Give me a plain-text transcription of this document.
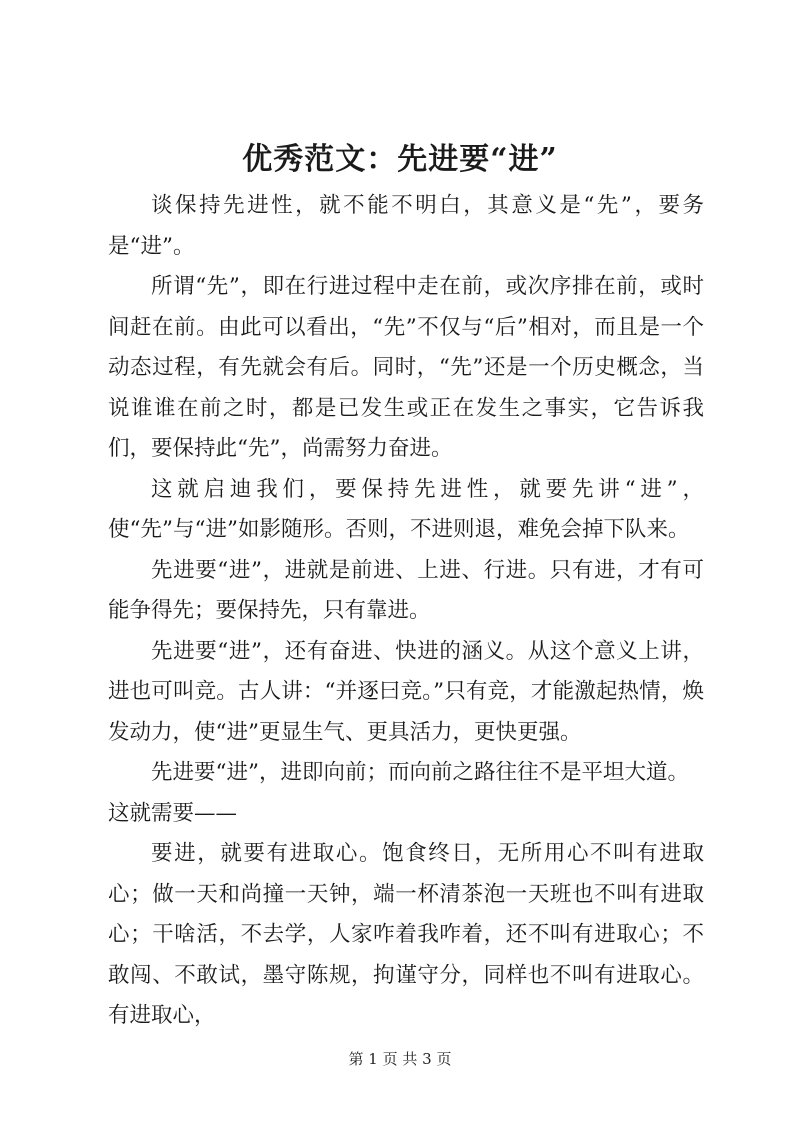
优秀范文：先进要“进”

谈保持先进性，就不能不明白，其意义是“先”，要务是“进”。

所谓“先”，即在行进过程中走在前，或次序排在前，或时间赶在前。由此可以看出，“先”不仅与“后”相对，而且是一个动态过程，有先就会有后。同时，“先”还是一个历史概念，当说谁谁在前之时，都是已发生或正在发生之事实，它告诉我们，要保持此“先”，尚需努力奋进。

这就启迪我们，要保持先进性，就要先讲“进”，使“先”与“进”如影随形。否则，不进则退，难免会掉下队来。

先进要“进”，进就是前进、上进、行进。只有进，才有可能争得先；要保持先，只有靠进。

先进要“进”，还有奋进、快进的涵义。从这个意义上讲，进也可叫竞。古人讲：“并逐曰竞。”只有竞，才能激起热情，焕发动力，使“进”更显生气、更具活力，更快更强。

先进要“进”，进即向前；而向前之路往往不是平坦大道。

这就需要——

要进，就要有进取心。饱食终日，无所用心不叫有进取心；做一天和尚撞一天钟，端一杯清茶泡一天班也不叫有进取心；干啥活，不去学，人家咋着我咋着，还不叫有进取心；不敢闯、不敢试，墨守陈规，拘谨守分，同样也不叫有进取心。有进取心，

第 1 页 共 3 页
